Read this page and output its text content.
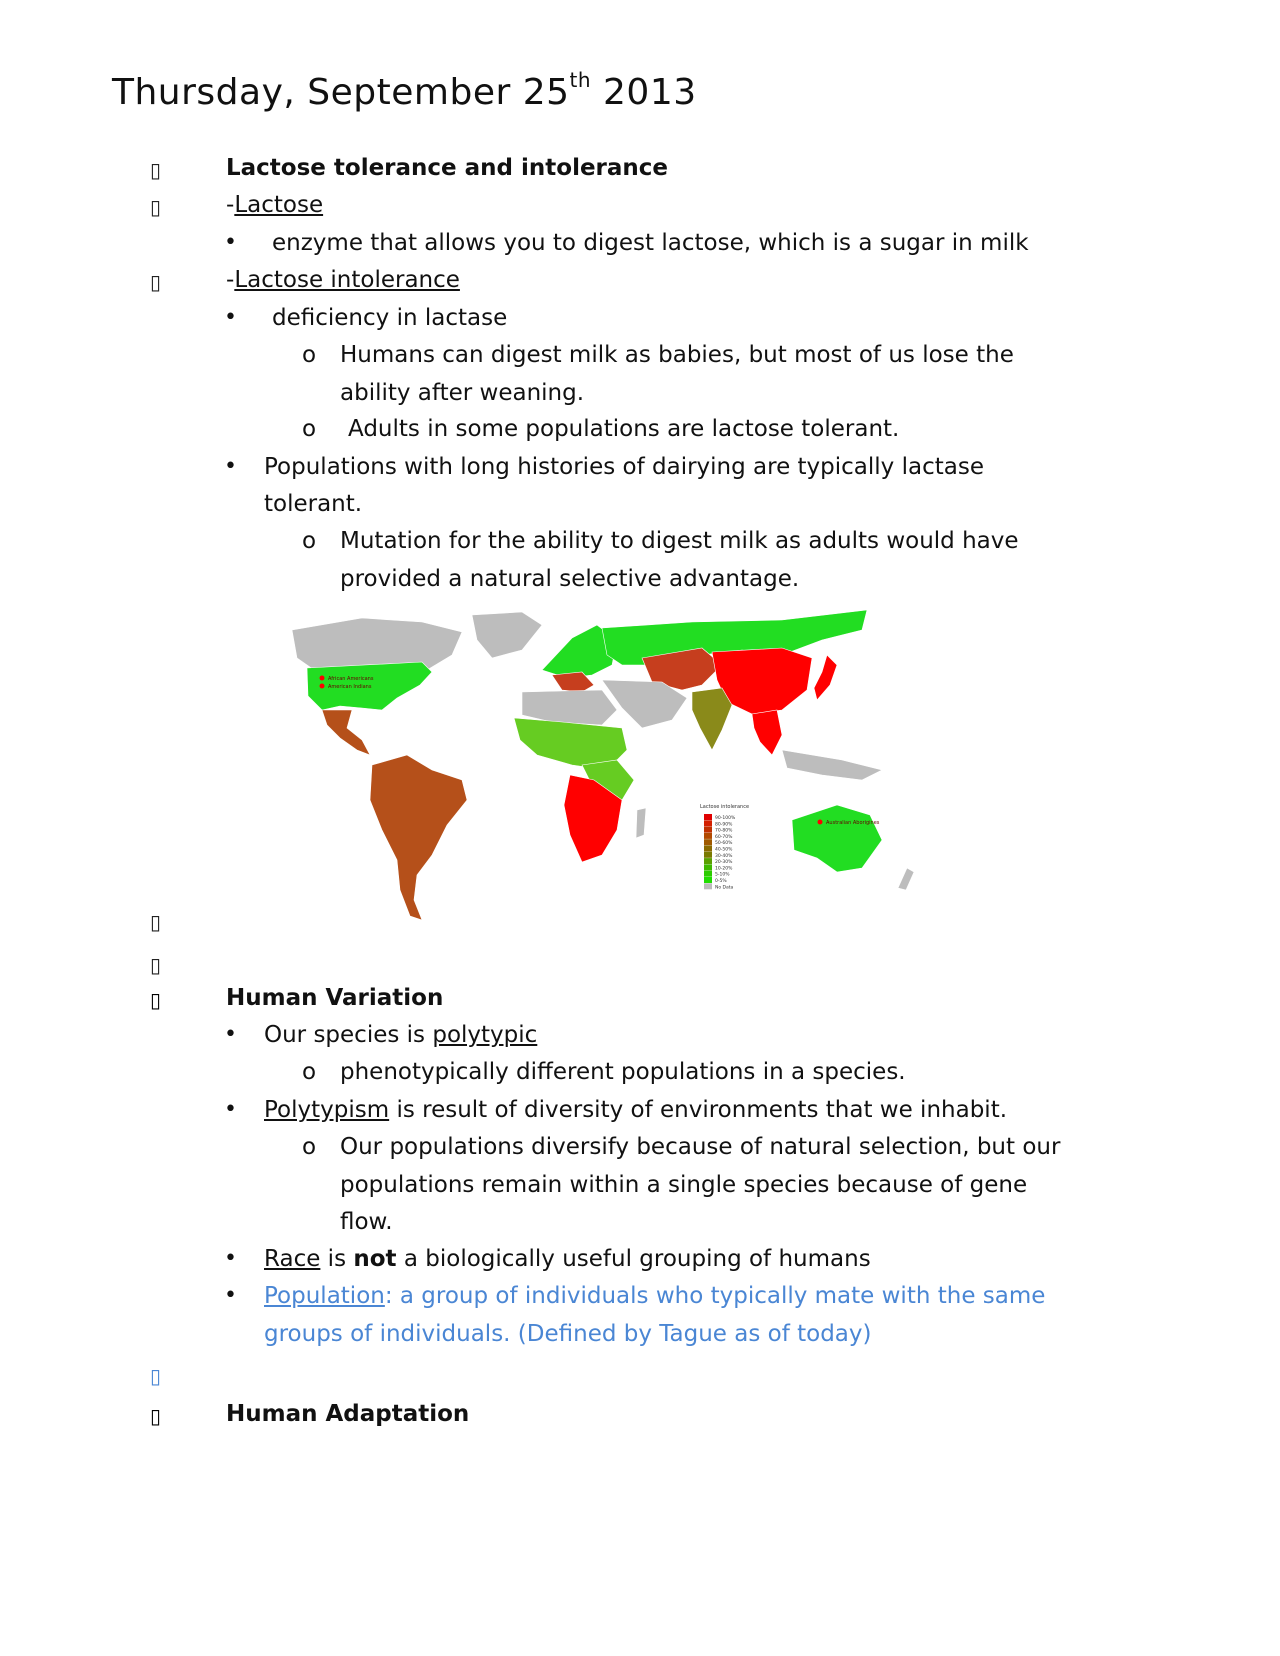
Thursday, September 25th 2013
▯	Lactose tolerance and intolerance
▯	-Lactose
• enzyme that allows you to digest lactose, which is a sugar in milk
▯	-Lactose intolerance
• deficiency in lactase
o Humans can digest milk as babies, but most of us lose the
ability after weaning.
o Adults in some populations are lactose tolerant.
• Populations with long histories of dairying are typically lactase
tolerant.
o Mutation for the ability to digest milk as adults would have
provided a natural selective advantage.
African Americans
American Indians
Australian Aborigines
Lactose intolerance
90-100%
80-90%
70-80%
60-70%
50-60%
40-50%
30-40%
20-30%
10-20%
5-10%
0-5%
No Data
▯
▯
▯	Human Variation
• Our species is polytypic
o phenotypically different populations in a species.
• Polytypism is result of diversity of environments that we inhabit.
o Our populations diversify because of natural selection, but our
populations remain within a single species because of gene
flow.
• Race is not a biologically useful grouping of humans
• Population: a group of individuals who typically mate with the same
groups of individuals. (Defined by Tague as of today)
▯
▯	Human Adaptation
